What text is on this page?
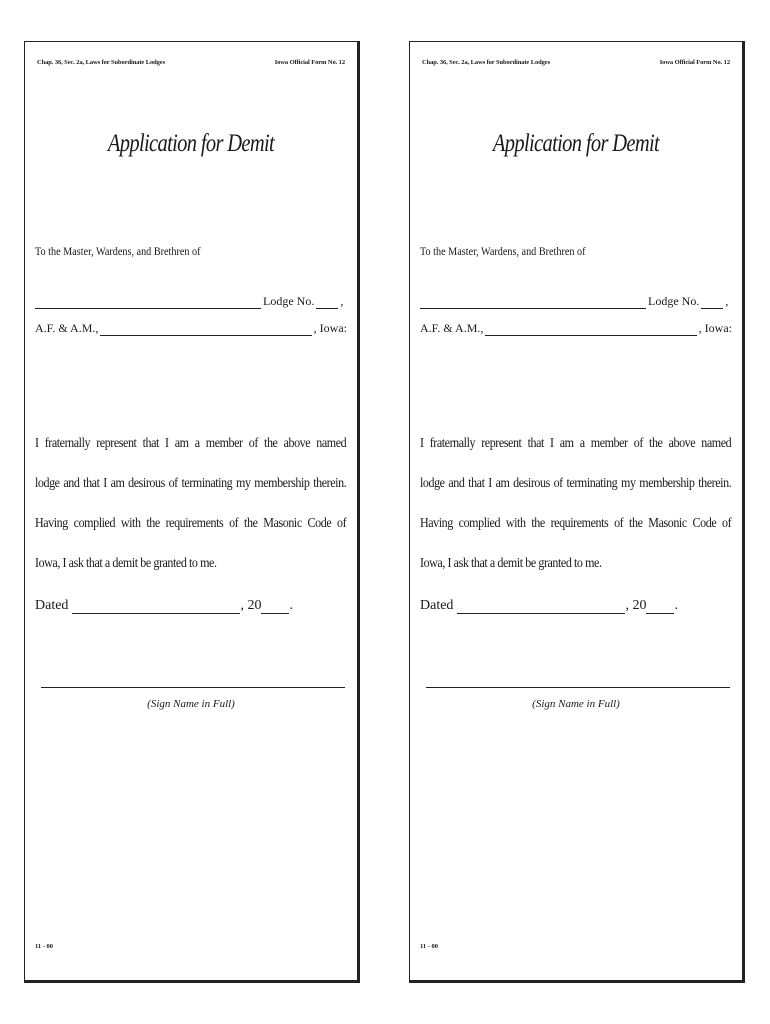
Chap. 36, Sec. 2a, Laws for Subordinate Lodges	Iowa Official Form No. 12
Application for Demit
To the Master, Wardens, and Brethren of
Lodge No. ,
A.F. & A.M.,	, Iowa:

I fraternally represent that I am a member of the above named

lodge and that I am desirous of terminating my membership therein.

Having complied with the requirements of the Masonic Code of

Iowa, I ask that a demit be granted to me.

Dated	, 20 .
(Sign Name in Full)
11 - 00
Chap. 36, Sec. 2a, Laws for Subordinate Lodges	Iowa Official Form No. 12
Application for Demit
To the Master, Wardens, and Brethren of
Lodge No. ,
A.F. & A.M.,	, Iowa:

I fraternally represent that I am a member of the above named

lodge and that I am desirous of terminating my membership therein.

Having complied with the requirements of the Masonic Code of

Iowa, I ask that a demit be granted to me.

Dated	, 20 .
(Sign Name in Full)
11 - 00
